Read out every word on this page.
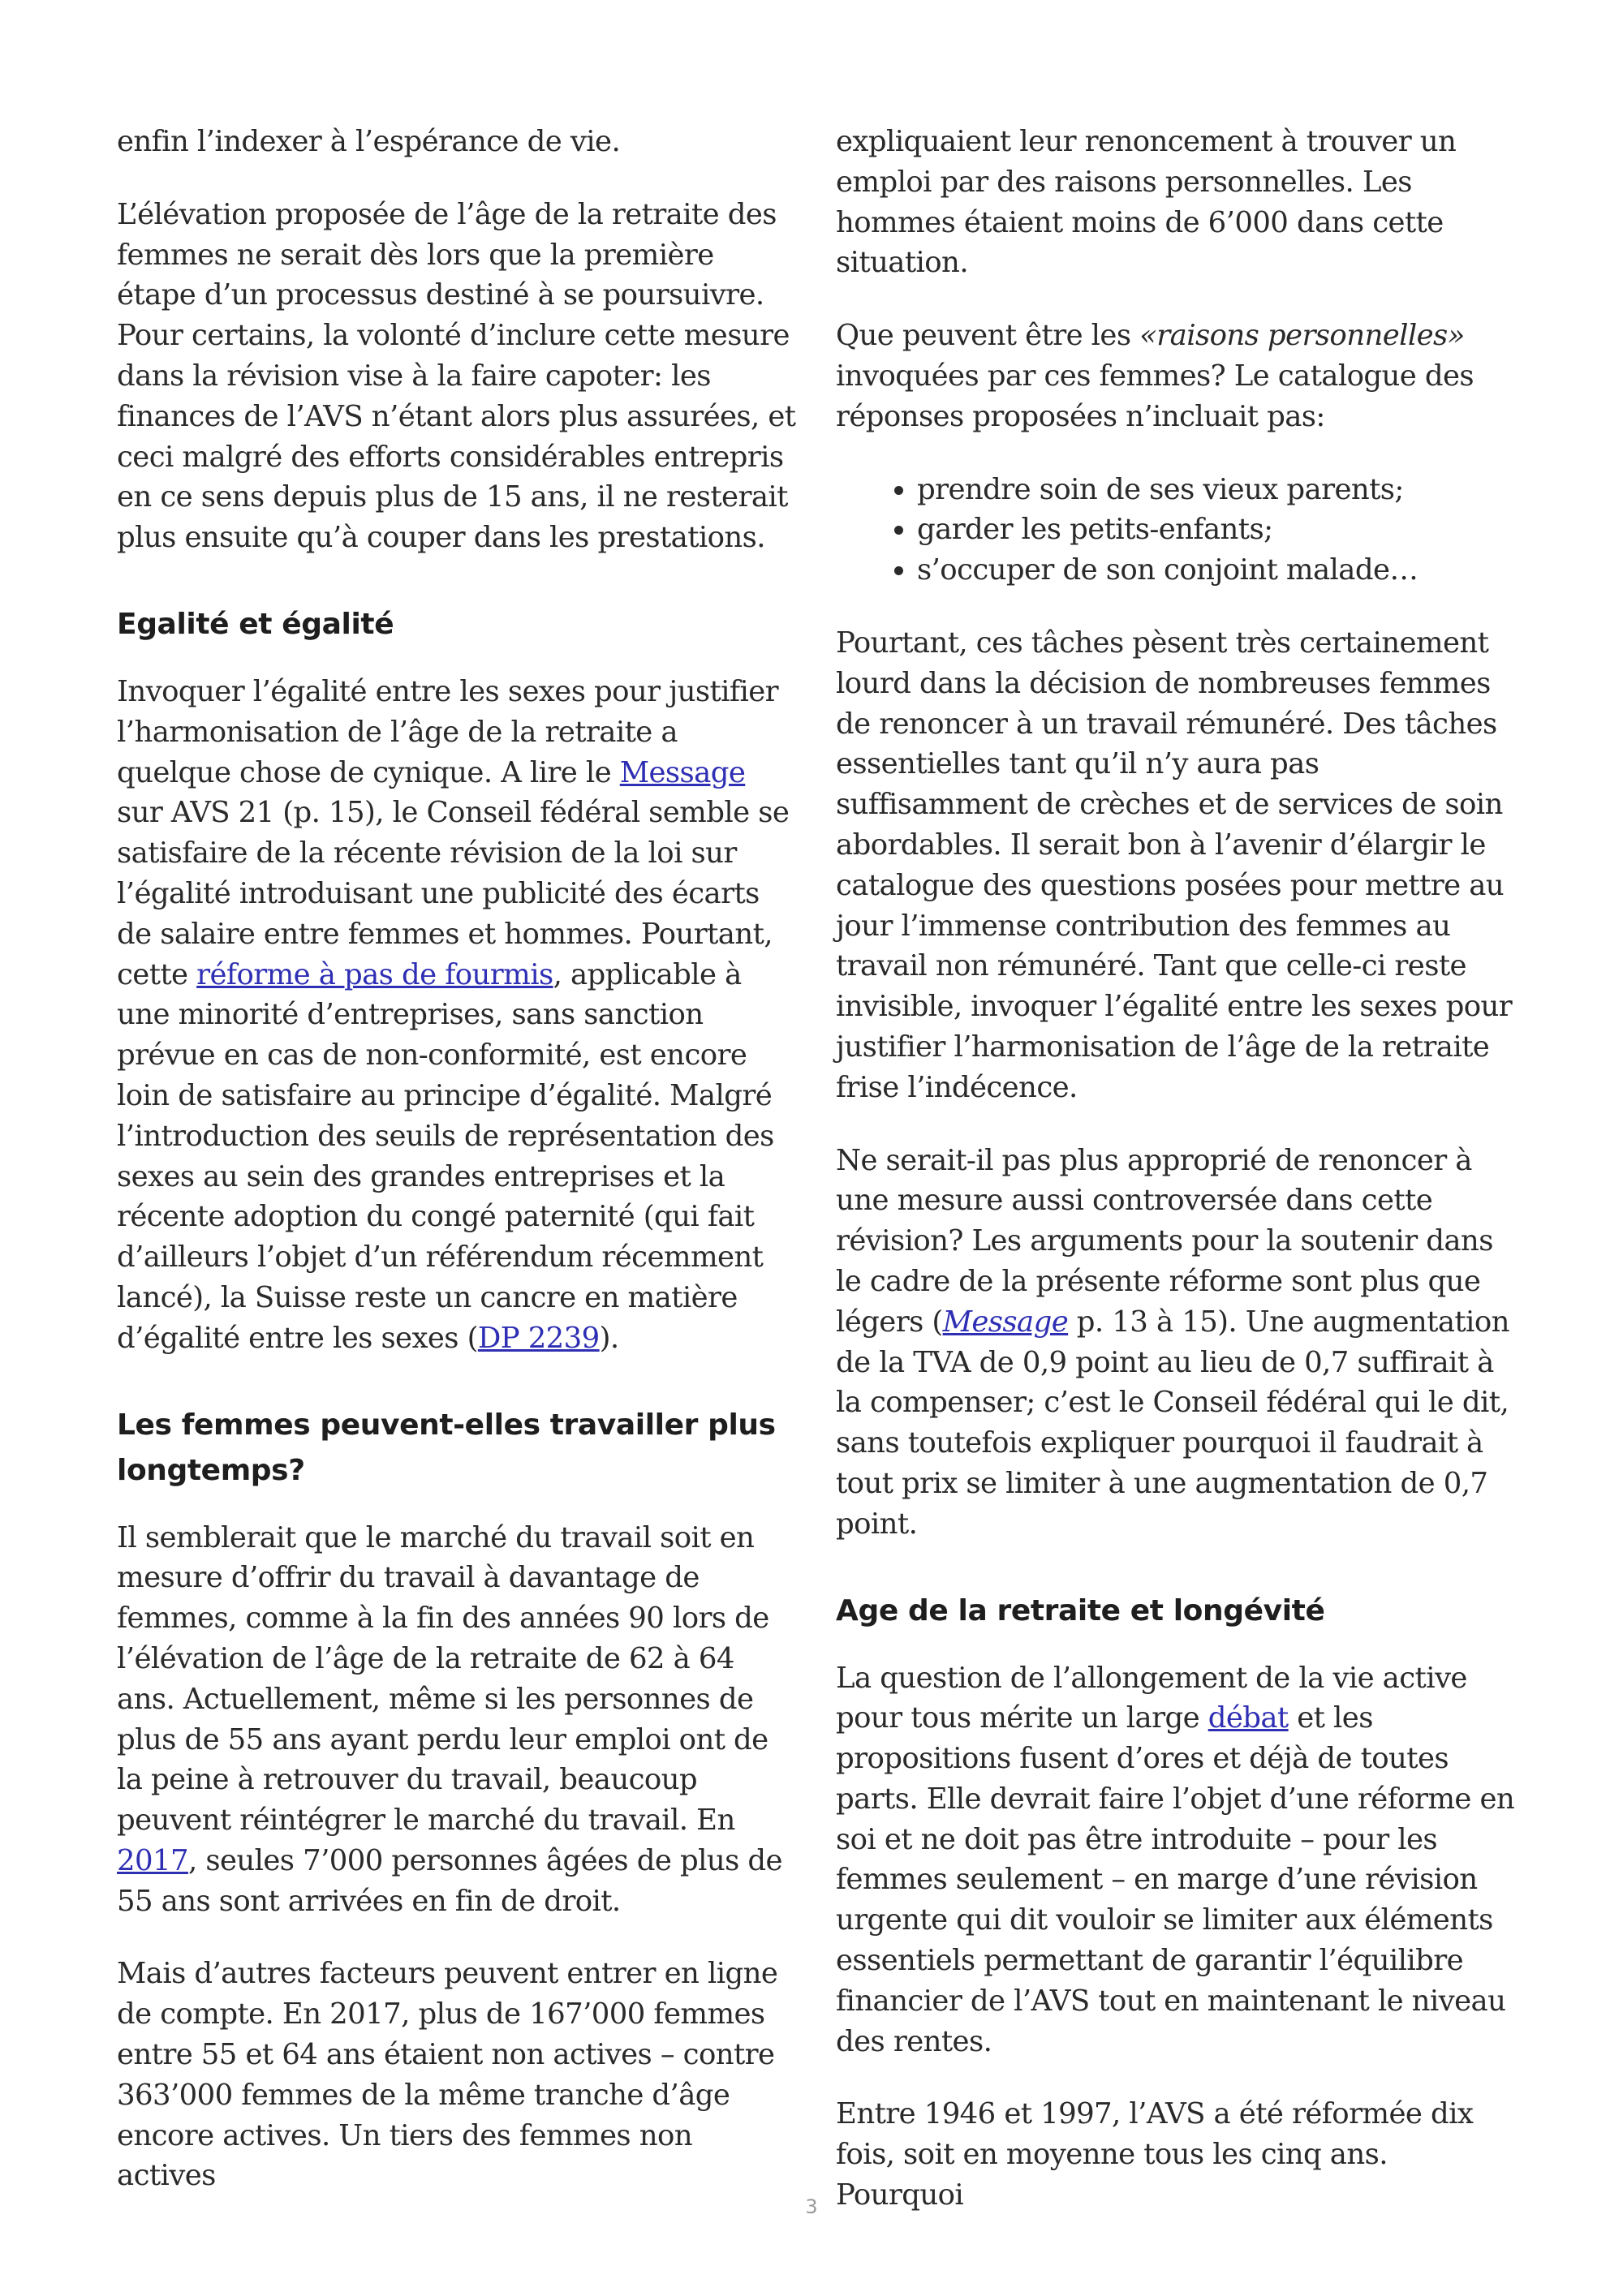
enfin l’indexer à l’espérance de vie.

L’élévation proposée de l’âge de la retraite des femmes ne serait dès lors que la première étape d’un processus destiné à se poursuivre. Pour certains, la volonté d’inclure cette mesure dans la révision vise à la faire capoter: les finances de l’AVS n’étant alors plus assurées, et ceci malgré des efforts considérables entrepris en ce sens depuis plus de 15 ans, il ne resterait plus ensuite qu’à couper dans les prestations.

Egalité et égalité

Invoquer l’égalité entre les sexes pour justifier l’harmonisation de l’âge de la retraite a quelque chose de cynique. A lire le Message sur AVS 21 (p. 15), le Conseil fédéral semble se satisfaire de la récente révision de la loi sur l’égalité introduisant une publicité des écarts de salaire entre femmes et hommes. Pourtant, cette réforme à pas de fourmis, applicable à une minorité d’entreprises, sans sanction prévue en cas de non-conformité, est encore loin de satisfaire au principe d’égalité. Malgré l’introduction des seuils de représentation des sexes au sein des grandes entreprises et la récente adoption du congé paternité (qui fait d’ailleurs l’objet d’un référendum récemment lancé), la Suisse reste un cancre en matière d’égalité entre les sexes (DP 2239).

Les femmes peuvent-elles travailler plus longtemps?

Il semblerait que le marché du travail soit en mesure d’offrir du travail à davantage de femmes, comme à la fin des années 90 lors de l’élévation de l’âge de la retraite de 62 à 64 ans. Actuellement, même si les personnes de plus de 55 ans ayant perdu leur emploi ont de la peine à retrouver du travail, beaucoup peuvent réintégrer le marché du travail. En 2017, seules 7’000 personnes âgées de plus de 55 ans sont arrivées en fin de droit.

Mais d’autres facteurs peuvent entrer en ligne de compte. En 2017, plus de 167’000 femmes entre 55 et 64 ans étaient non actives – contre 363’000 femmes de la même tranche d’âge encore actives. Un tiers des femmes non actives

expliquaient leur renoncement à trouver un emploi par des raisons personnelles. Les hommes étaient moins de 6’000 dans cette situation.

Que peuvent être les «raisons personnelles» invoquées par ces femmes? Le catalogue des réponses proposées n’incluait pas:

• prendre soin de ses vieux parents;
• garder les petits-enfants;
• s’occuper de son conjoint malade…

Pourtant, ces tâches pèsent très certainement lourd dans la décision de nombreuses femmes de renoncer à un travail rémunéré. Des tâches essentielles tant qu’il n’y aura pas suffisamment de crèches et de services de soin abordables. Il serait bon à l’avenir d’élargir le catalogue des questions posées pour mettre au jour l’immense contribution des femmes au travail non rémunéré. Tant que celle-ci reste invisible, invoquer l’égalité entre les sexes pour justifier l’harmonisation de l’âge de la retraite frise l’indécence.

Ne serait-il pas plus approprié de renoncer à une mesure aussi controversée dans cette révision? Les arguments pour la soutenir dans le cadre de la présente réforme sont plus que légers (Message p. 13 à 15). Une augmentation de la TVA de 0,9 point au lieu de 0,7 suffirait à la compenser; c’est le Conseil fédéral qui le dit, sans toutefois expliquer pourquoi il faudrait à tout prix se limiter à une augmentation de 0,7 point.

Age de la retraite et longévité

La question de l’allongement de la vie active pour tous mérite un large débat et les propositions fusent d’ores et déjà de toutes parts. Elle devrait faire l’objet d’une réforme en soi et ne doit pas être introduite – pour les femmes seulement – en marge d’une révision urgente qui dit vouloir se limiter aux éléments essentiels permettant de garantir l’équilibre financier de l’AVS tout en maintenant le niveau des rentes.

Entre 1946 et 1997, l’AVS a été réformée dix fois, soit en moyenne tous les cinq ans. Pourquoi

3
